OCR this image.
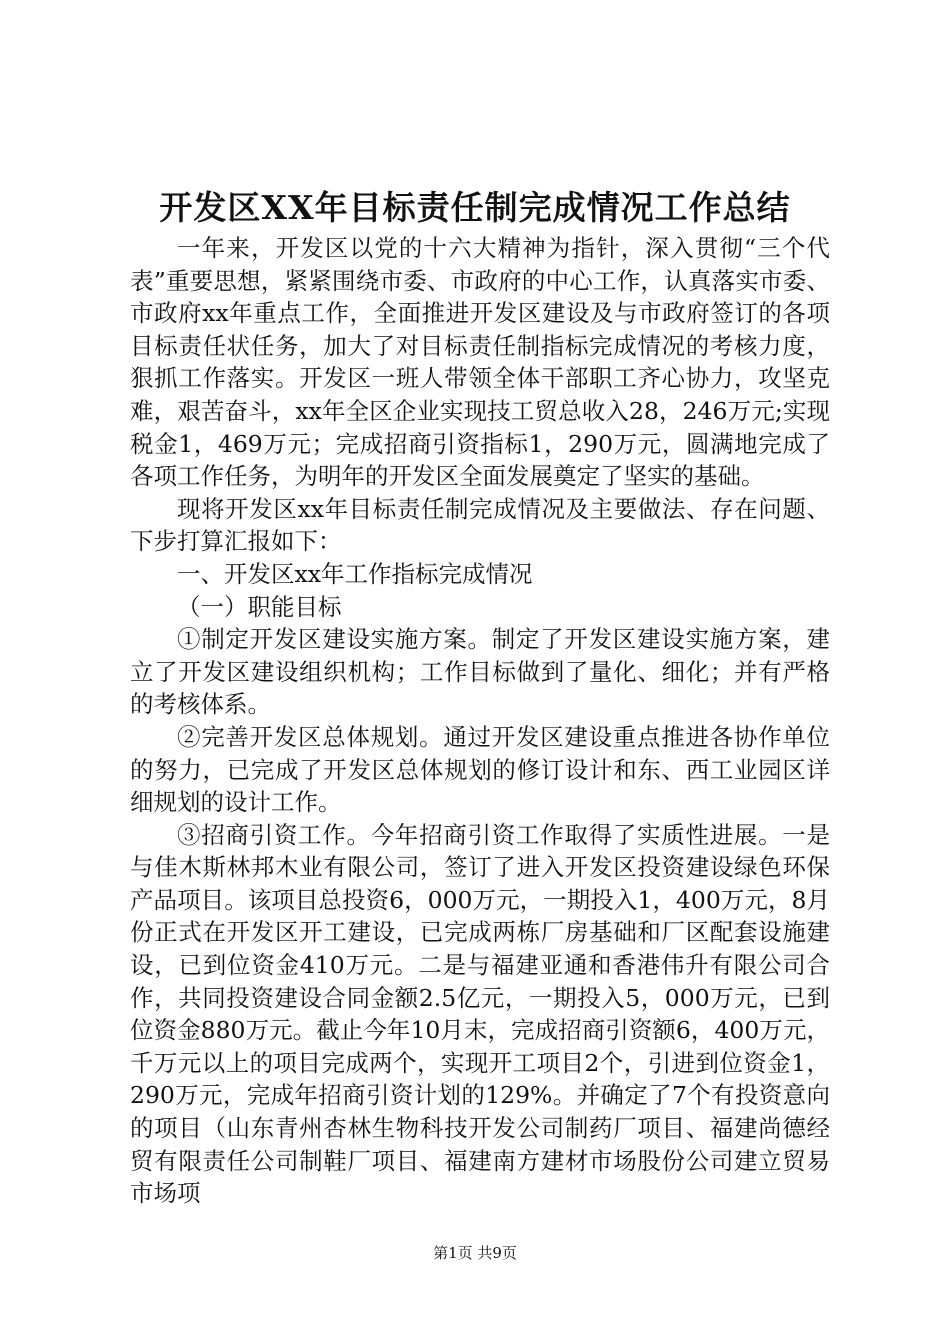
开发区XX年目标责任制完成情况工作总结

一年来，开发区以党的十六大精神为指针，深入贯彻“三个代表”重要思想，紧紧围绕市委、市政府的中心工作，认真落实市委、市政府xx年重点工作，全面推进开发区建设及与市政府签订的各项目标责任状任务，加大了对目标责任制指标完成情况的考核力度，狠抓工作落实。开发区一班人带领全体干部职工齐心协力，攻坚克难，艰苦奋斗，xx年全区企业实现技工贸总收入28，246万元;实现税金1，469万元；完成招商引资指标1，290万元，圆满地完成了各项工作任务，为明年的开发区全面发展奠定了坚实的基础。

现将开发区xx年目标责任制完成情况及主要做法、存在问题、下步打算汇报如下：

一、开发区xx年工作指标完成情况

（一）职能目标

①制定开发区建设实施方案。制定了开发区建设实施方案，建立了开发区建设组织机构；工作目标做到了量化、细化；并有严格的考核体系。

②完善开发区总体规划。通过开发区建设重点推进各协作单位的努力，已完成了开发区总体规划的修订设计和东、西工业园区详细规划的设计工作。

③招商引资工作。今年招商引资工作取得了实质性进展。一是与佳木斯林邦木业有限公司，签订了进入开发区投资建设绿色环保产品项目。该项目总投资6，000万元，一期投入1，400万元，8月份正式在开发区开工建设，已完成两栋厂房基础和厂区配套设施建设，已到位资金410万元。二是与福建亚通和香港伟升有限公司合作，共同投资建设合同金额2.5亿元，一期投入5，000万元，已到位资金880万元。截止今年10月末，完成招商引资额6，400万元，千万元以上的项目完成两个，实现开工项目2个，引进到位资金1，290万元，完成年招商引资计划的129%。并确定了7个有投资意向的项目（山东青州杏林生物科技开发公司制药厂项目、福建尚德经贸有限责任公司制鞋厂项目、福建南方建材市场股份公司建立贸易市场项

第1页 共9页
